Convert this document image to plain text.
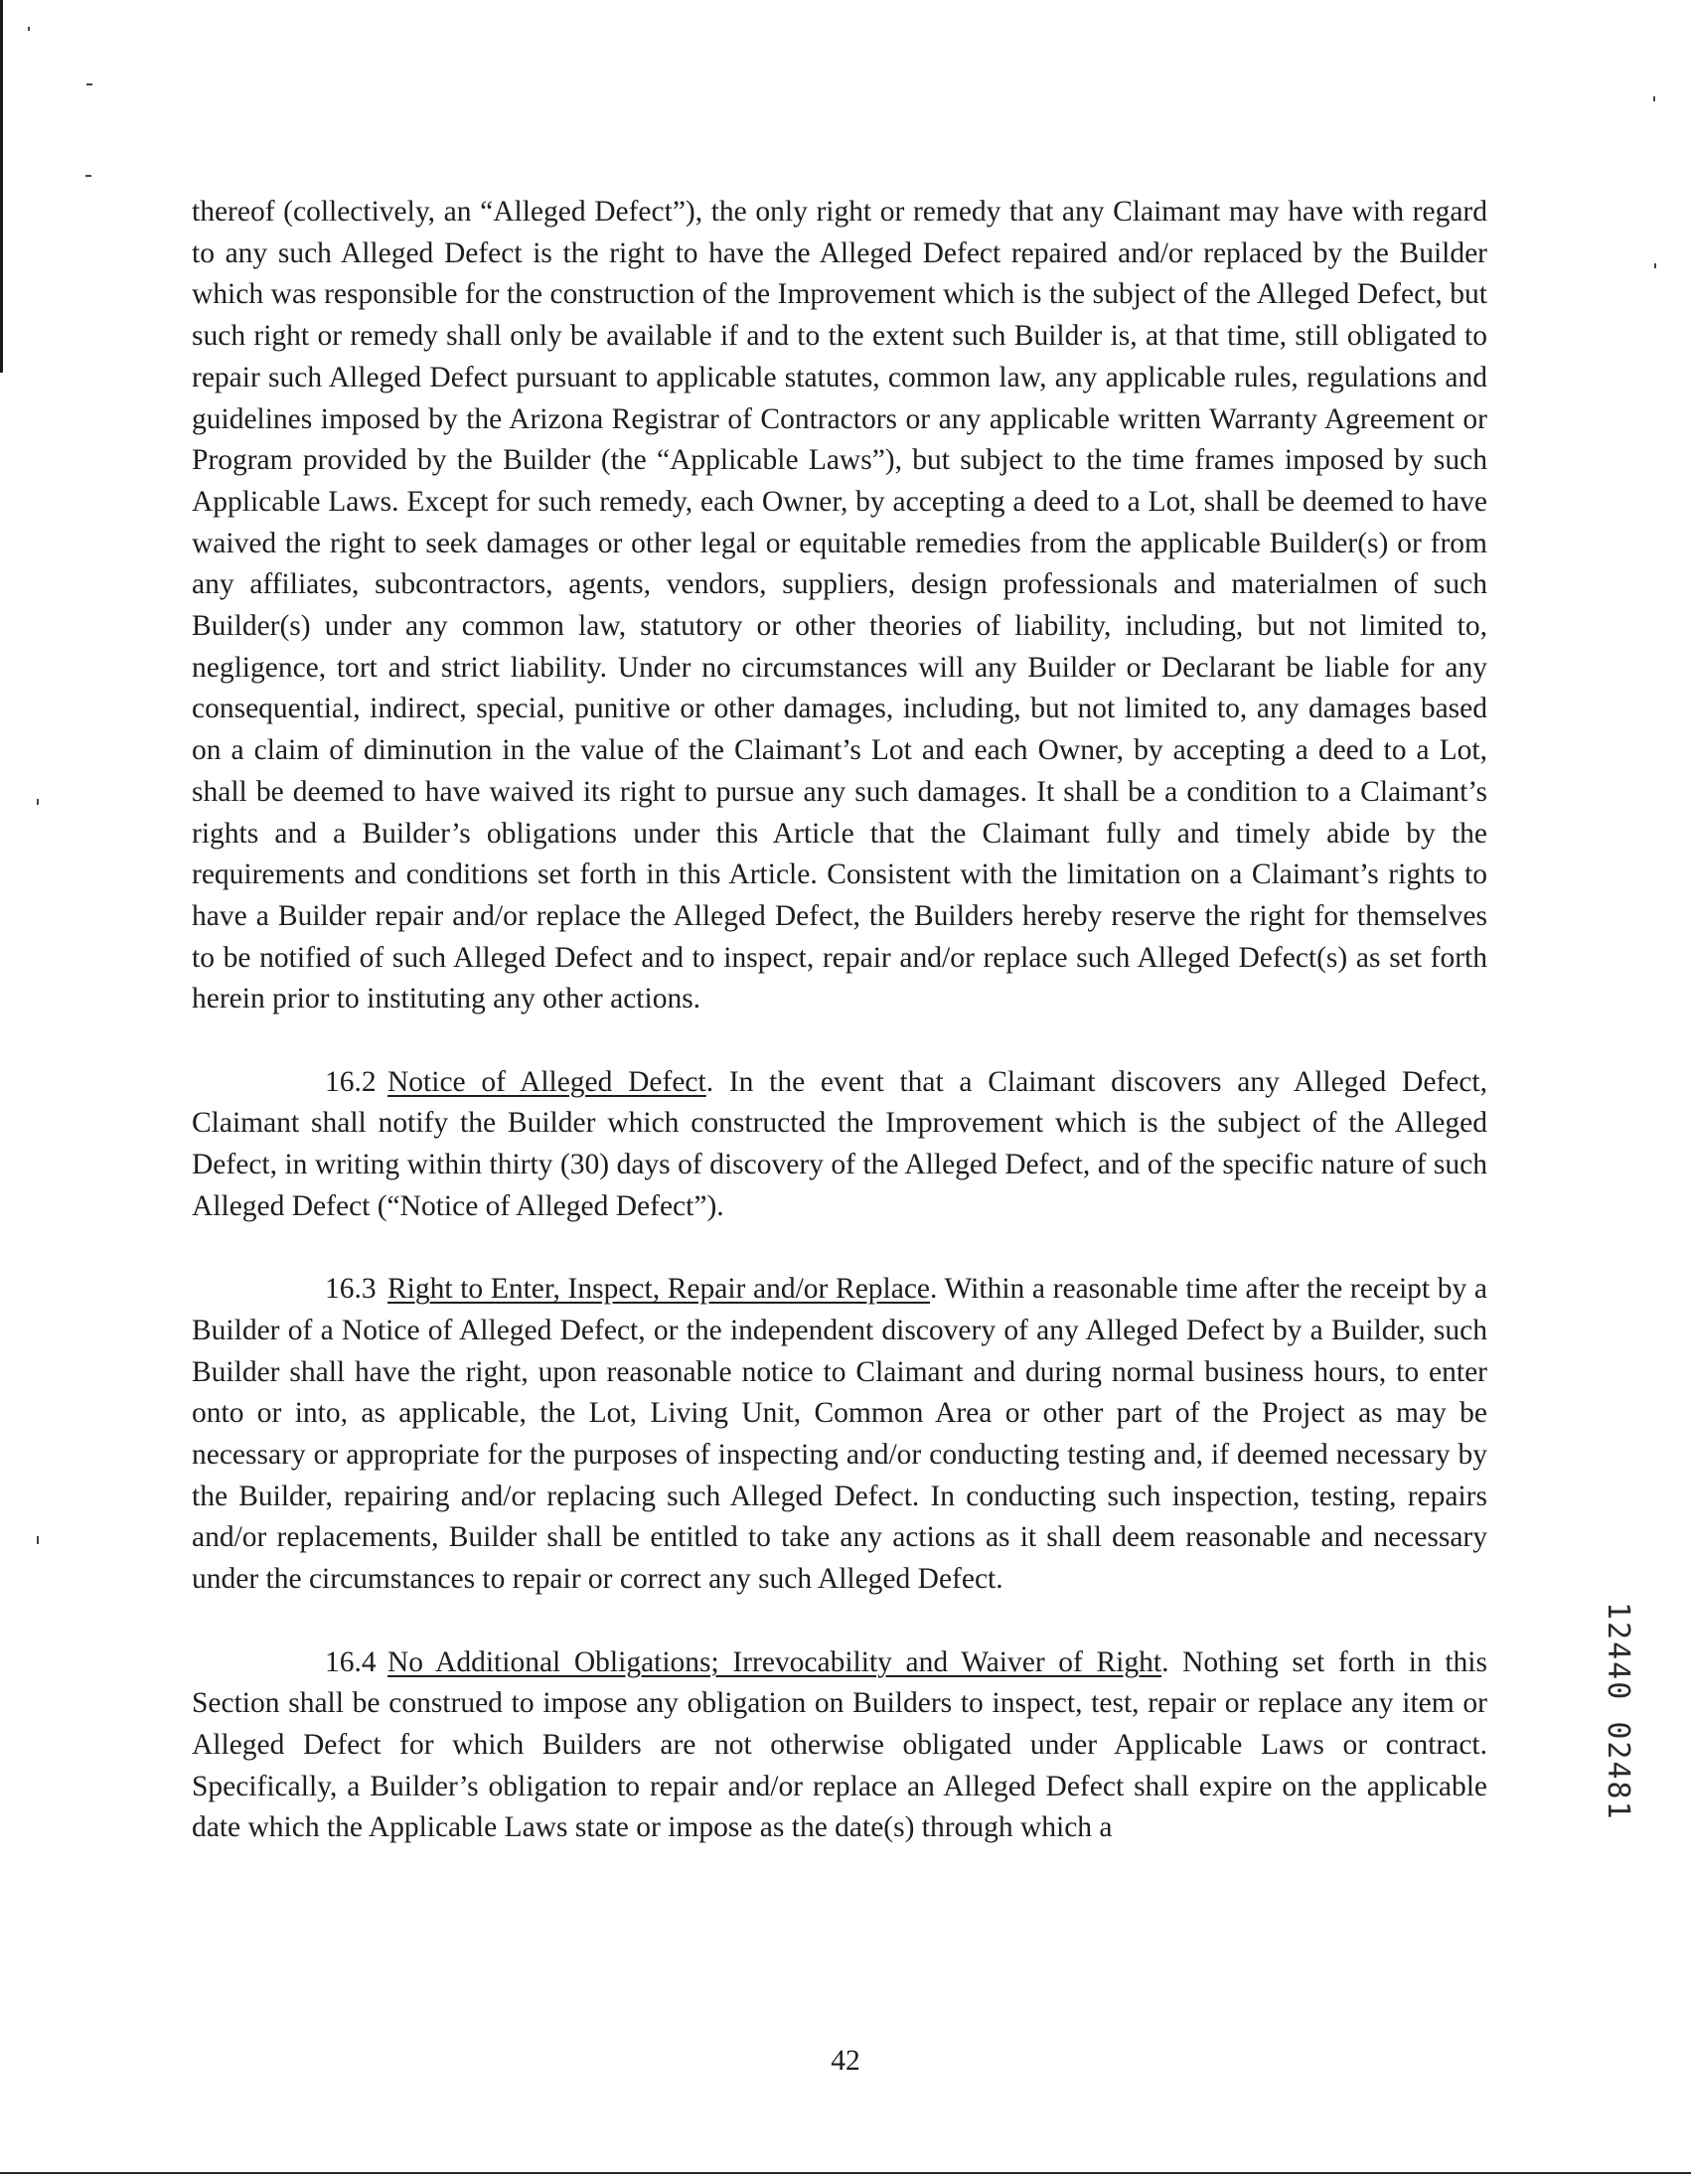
thereof (collectively, an “Alleged Defect”), the only right or remedy that any Claimant may have with regard to any such Alleged Defect is the right to have the Alleged Defect repaired and/or replaced by the Builder which was responsible for the construction of the Improvement which is the subject of the Alleged Defect, but such right or remedy shall only be available if and to the extent such Builder is, at that time, still obligated to repair such Alleged Defect pursuant to applicable statutes, common law, any applicable rules, regulations and guidelines imposed by the Arizona Registrar of Contractors or any applicable written Warranty Agreement or Program provided by the Builder (the “Applicable Laws”), but subject to the time frames imposed by such Applicable Laws. Except for such remedy, each Owner, by accepting a deed to a Lot, shall be deemed to have waived the right to seek damages or other legal or equitable remedies from the applicable Builder(s) or from any affiliates, subcontractors, agents, vendors, suppliers, design professionals and materialmen of such Builder(s) under any common law, statutory or other theories of liability, including, but not limited to, negligence, tort and strict liability. Under no circumstances will any Builder or Declarant be liable for any consequential, indirect, special, punitive or other damages, including, but not limited to, any damages based on a claim of diminution in the value of the Claimant’s Lot and each Owner, by accepting a deed to a Lot, shall be deemed to have waived its right to pursue any such damages. It shall be a condition to a Claimant’s rights and a Builder’s obligations under this Article that the Claimant fully and timely abide by the requirements and conditions set forth in this Article. Consistent with the limitation on a Claimant’s rights to have a Builder repair and/or replace the Alleged Defect, the Builders hereby reserve the right for themselves to be notified of such Alleged Defect and to inspect, repair and/or replace such Alleged Defect(s) as set forth herein prior to instituting any other actions.

16.2 Notice of Alleged Defect. In the event that a Claimant discovers any Alleged Defect, Claimant shall notify the Builder which constructed the Improvement which is the subject of the Alleged Defect, in writing within thirty (30) days of discovery of the Alleged Defect, and of the specific nature of such Alleged Defect (“Notice of Alleged Defect”).

16.3 Right to Enter, Inspect, Repair and/or Replace. Within a reasonable time after the receipt by a Builder of a Notice of Alleged Defect, or the independent discovery of any Alleged Defect by a Builder, such Builder shall have the right, upon reasonable notice to Claimant and during normal business hours, to enter onto or into, as applicable, the Lot, Living Unit, Common Area or other part of the Project as may be necessary or appropriate for the purposes of inspecting and/or conducting testing and, if deemed necessary by the Builder, repairing and/or replacing such Alleged Defect. In conducting such inspection, testing, repairs and/or replacements, Builder shall be entitled to take any actions as it shall deem reasonable and necessary under the circumstances to repair or correct any such Alleged Defect.

16.4 No Additional Obligations; Irrevocability and Waiver of Right. Nothing set forth in this Section shall be construed to impose any obligation on Builders to inspect, test, repair or replace any item or Alleged Defect for which Builders are not otherwise obligated under Applicable Laws or contract. Specifically, a Builder’s obligation to repair and/or replace an Alleged Defect shall expire on the applicable date which the Applicable Laws state or impose as the date(s) through which a

42
12440 02481
